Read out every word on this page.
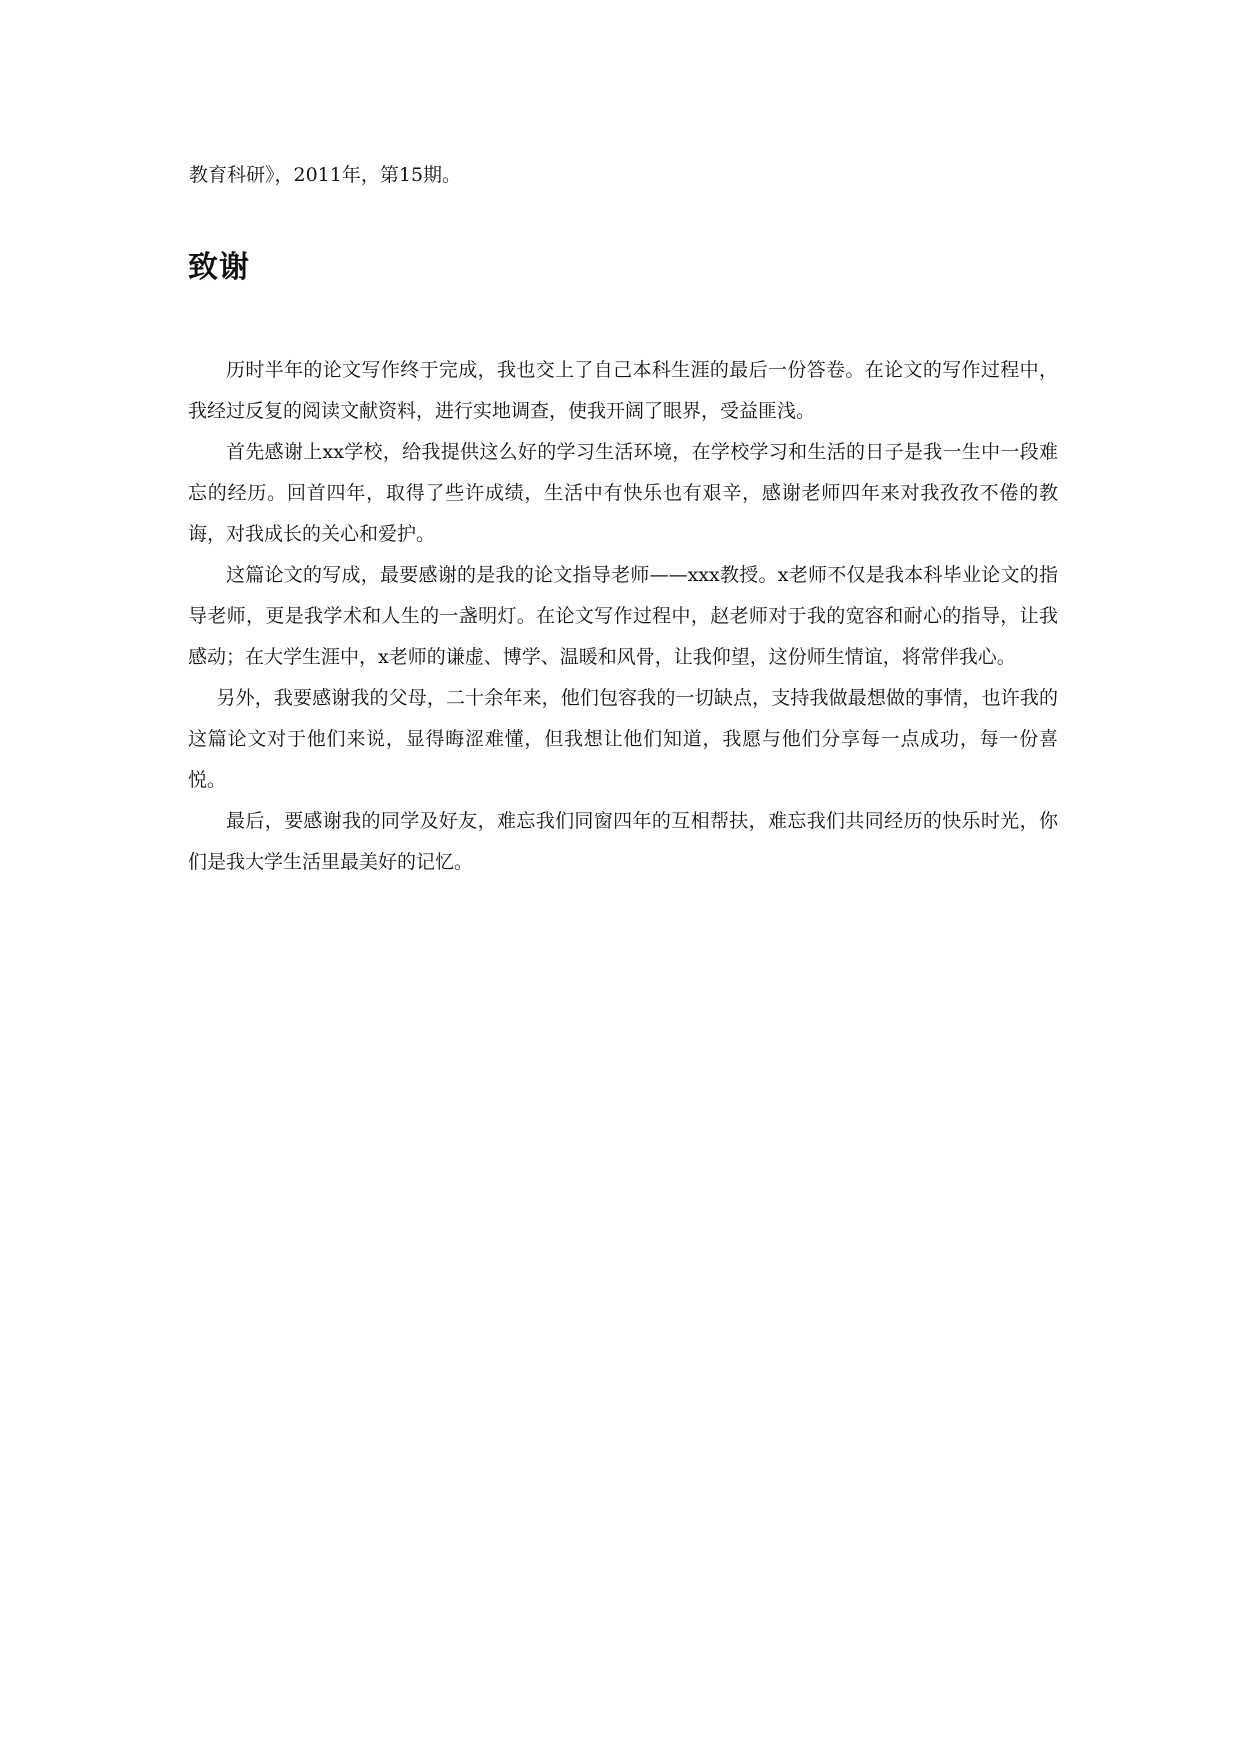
教育科研》，2011年，第15期。
致谢

历时半年的论文写作终于完成，我也交上了自己本科生涯的最后一份答卷。在论文的写作过程中，我经过反复的阅读文献资料，进行实地调查，使我开阔了眼界，受益匪浅。

首先感谢上xx学校，给我提供这么好的学习生活环境，在学校学习和生活的日子是我一生中一段难忘的经历。回首四年，取得了些许成绩，生活中有快乐也有艰辛，感谢老师四年来对我孜孜不倦的教诲，对我成长的关心和爱护。

这篇论文的写成，最要感谢的是我的论文指导老师——xxx教授。x老师不仅是我本科毕业论文的指导老师，更是我学术和人生的一盏明灯。在论文写作过程中，赵老师对于我的宽容和耐心的指导，让我感动；在大学生涯中，x老师的谦虚、博学、温暖和风骨，让我仰望，这份师生情谊，将常伴我心。

另外，我要感谢我的父母，二十余年来，他们包容我的一切缺点，支持我做最想做的事情，也许我的这篇论文对于他们来说，显得晦涩难懂，但我想让他们知道，我愿与他们分享每一点成功，每一份喜悦。

最后，要感谢我的同学及好友，难忘我们同窗四年的互相帮扶，难忘我们共同经历的快乐时光，你们是我大学生活里最美好的记忆。
